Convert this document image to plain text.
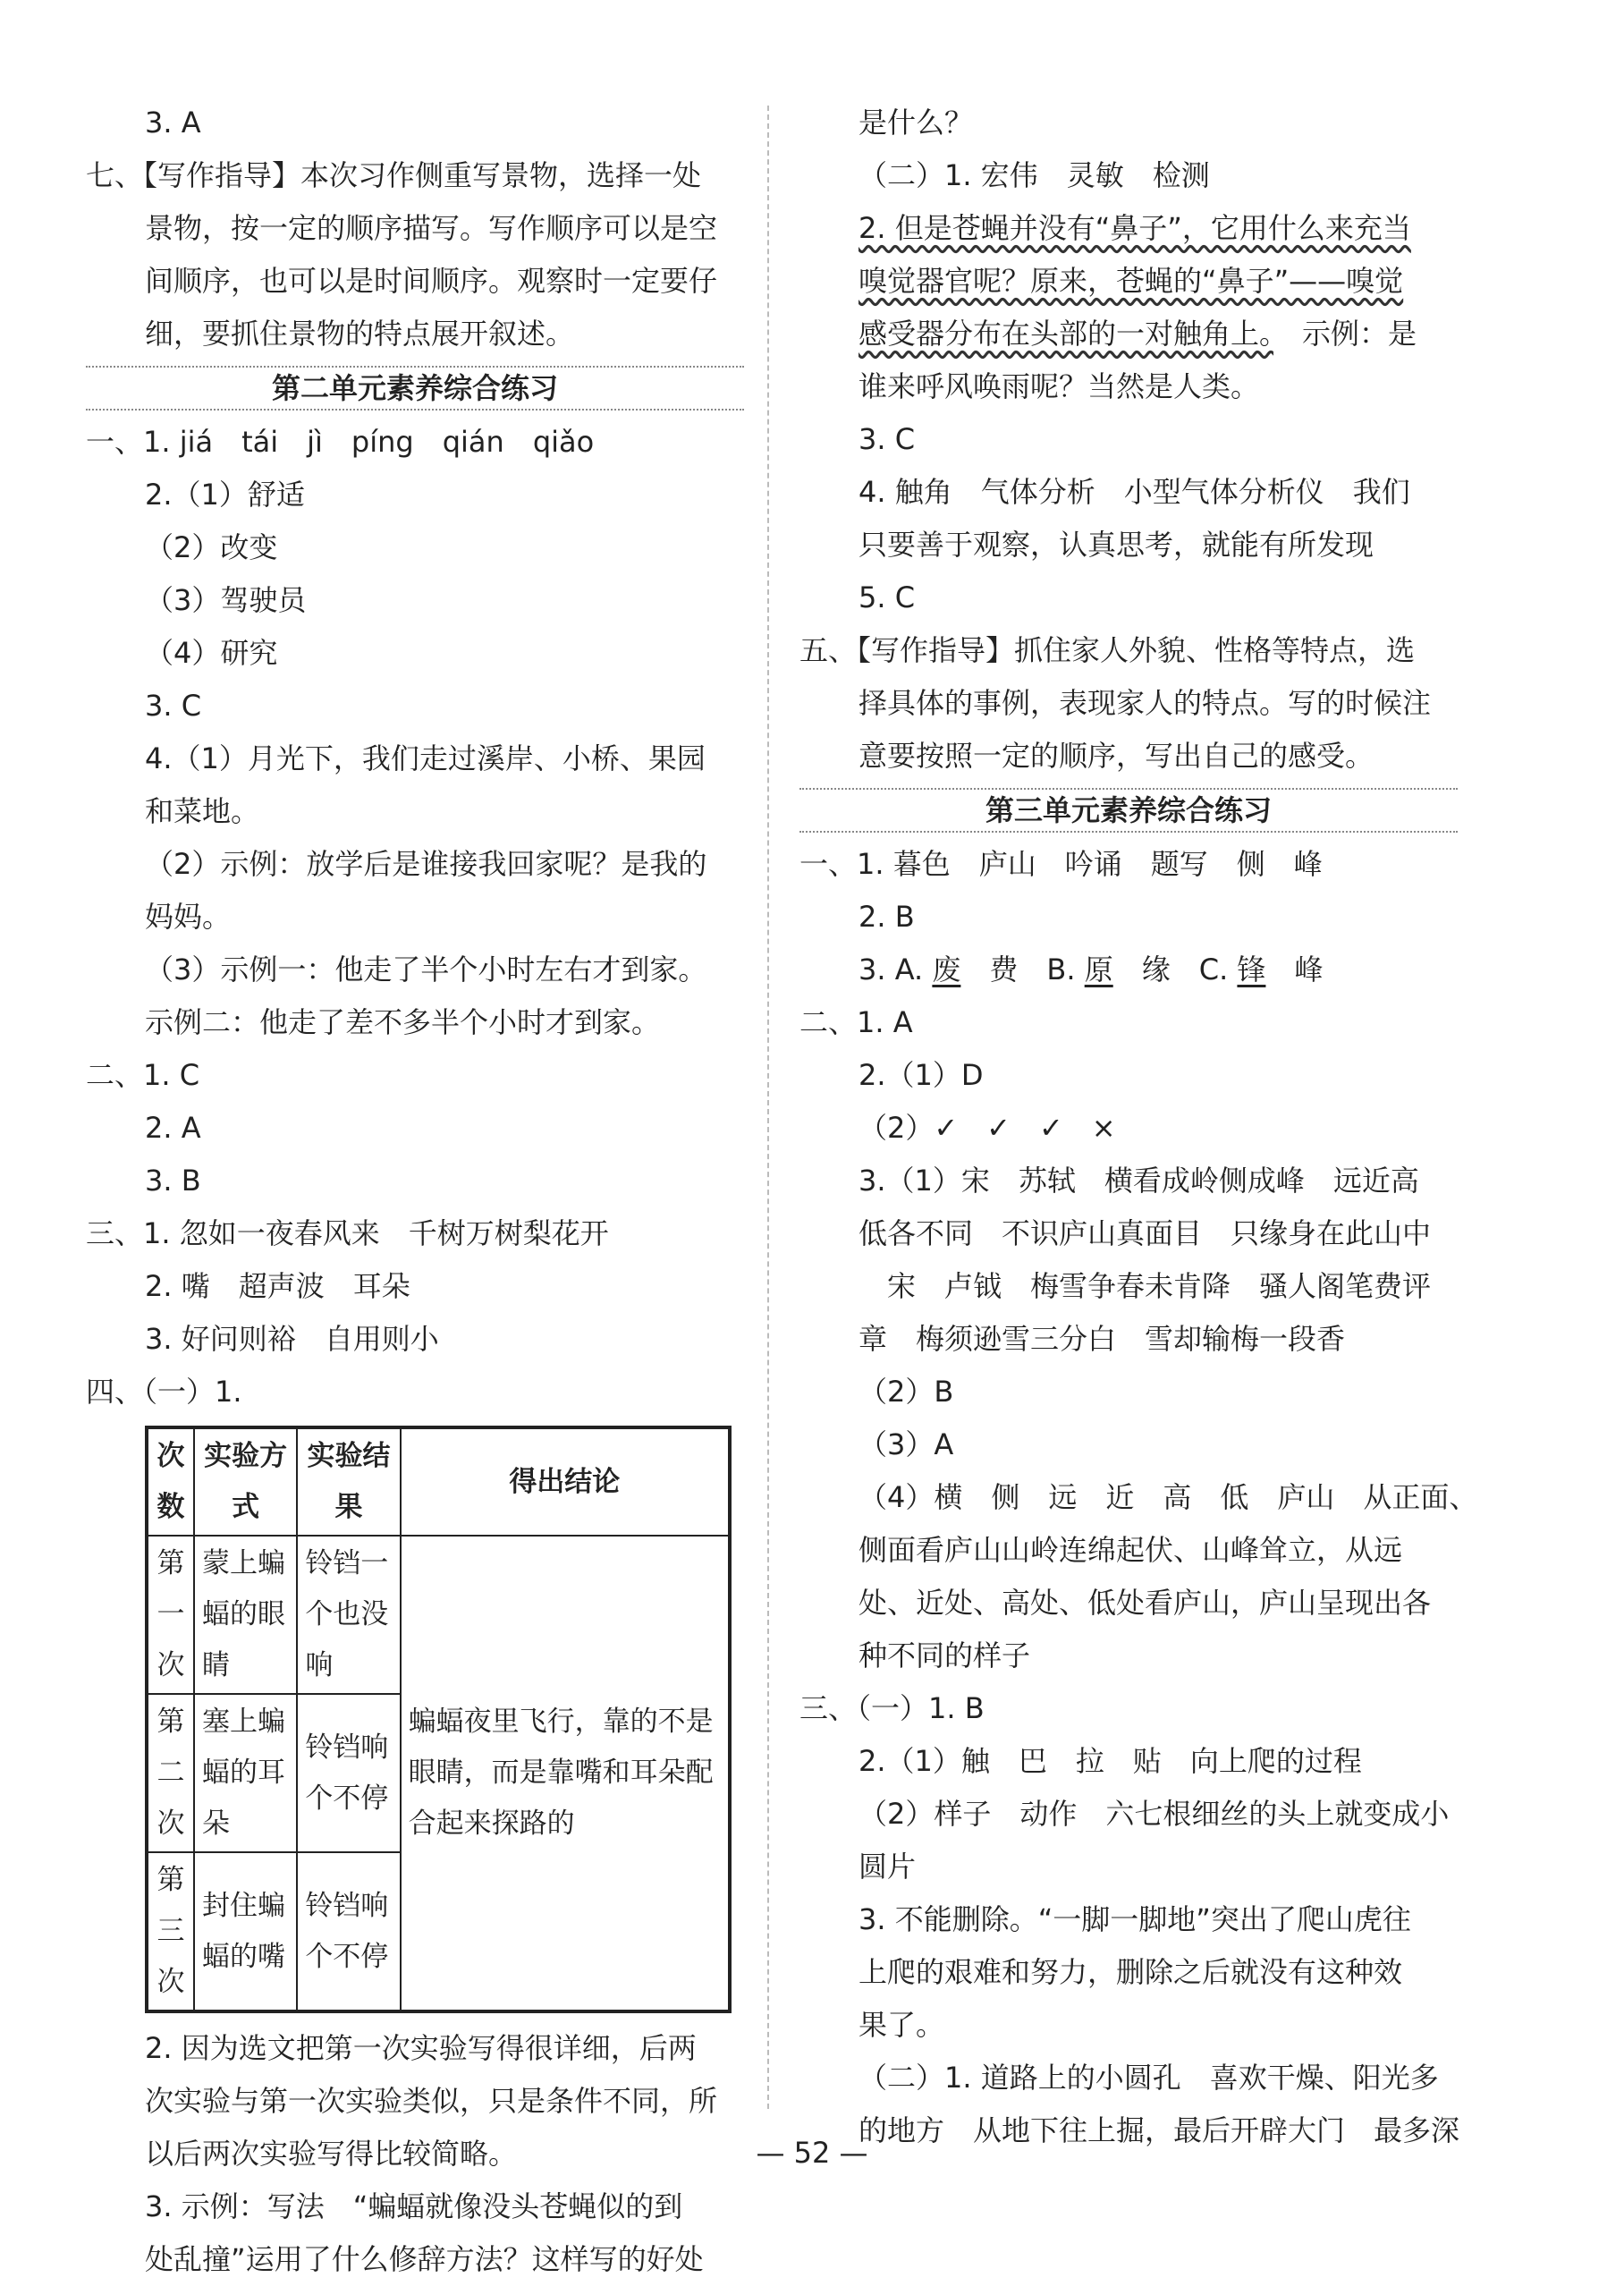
3. A
七、【写作指导】本次习作侧重写景物，选择一处
景物，按一定的顺序描写。写作顺序可以是空
间顺序，也可以是时间顺序。观察时一定要仔
细，要抓住景物的特点展开叙述。
第二单元素养综合练习
一、1. jiá　tái　jì　píng　qián　qiǎo
2.（1）舒适
（2）改变
（3）驾驶员
（4）研究
3. C
4.（1）月光下，我们走过溪岸、小桥、果园
和菜地。
（2）示例：放学后是谁接我回家呢？是我的
妈妈。
（3）示例一：他走了半个小时左右才到家。
示例二：他走了差不多半个小时才到家。
二、1. C
2. A
3. B
三、1. 忽如一夜春风来　千树万树梨花开
2. 嘴　超声波　耳朵
3. 好问则裕　自用则小
四、（一）1.
次数	实验方式	实验结果	得出结论
第一次	蒙上蝙蝠的眼睛	铃铛一个也没响	蝙蝠夜里飞行，靠的不是眼睛，而是靠嘴和耳朵配合起来探路的
第二次	塞上蝙蝠的耳朵	铃铛响个不停	
第三次	封住蝙蝠的嘴	铃铛响个不停	
2. 因为选文把第一次实验写得很详细，后两
次实验与第一次实验类似，只是条件不同，所
以后两次实验写得比较简略。
3. 示例：写法　“蝙蝠就像没头苍蝇似的到
处乱撞”运用了什么修辞方法？这样写的好处
是什么？
（二）1. 宏伟　灵敏　检测
2. 但是苍蝇并没有“鼻子”，它用什么来充当
嗅觉器官呢？原来，苍蝇的“鼻子”——嗅觉
感受器分布在头部的一对触角上。　示例：是
谁来呼风唤雨呢？当然是人类。
3. C
4. 触角　气体分析　小型气体分析仪　我们
只要善于观察，认真思考，就能有所发现
5. C
五、【写作指导】抓住家人外貌、性格等特点，选
择具体的事例，表现家人的特点。写的时候注
意要按照一定的顺序，写出自己的感受。
第三单元素养综合练习
一、1. 暮色　庐山　吟诵　题写　侧　峰
2. B
3. A. 废　费　B. 原　缘　C. 锋　峰
二、1. A
2.（1）D
（2）✓　✓　✓　×
3.（1）宋　苏轼　横看成岭侧成峰　远近高
低各不同　不识庐山真面目　只缘身在此山中
　宋　卢钺　梅雪争春未肯降　骚人阁笔费评
章　梅须逊雪三分白　雪却输梅一段香
（2）B
（3）A
（4）横　侧　远　近　高　低　庐山　从正面、
侧面看庐山山岭连绵起伏、山峰耸立，从远
处、近处、高处、低处看庐山，庐山呈现出各
种不同的样子
三、（一）1. B
2.（1）触　巴　拉　贴　向上爬的过程
（2）样子　动作　六七根细丝的头上就变成小
圆片
3. 不能删除。“一脚一脚地”突出了爬山虎往
上爬的艰难和努力，删除之后就没有这种效
果了。
（二）1. 道路上的小圆孔　喜欢干燥、阳光多
的地方　从地下往上掘，最后开辟大门　最多深
— 52 —
